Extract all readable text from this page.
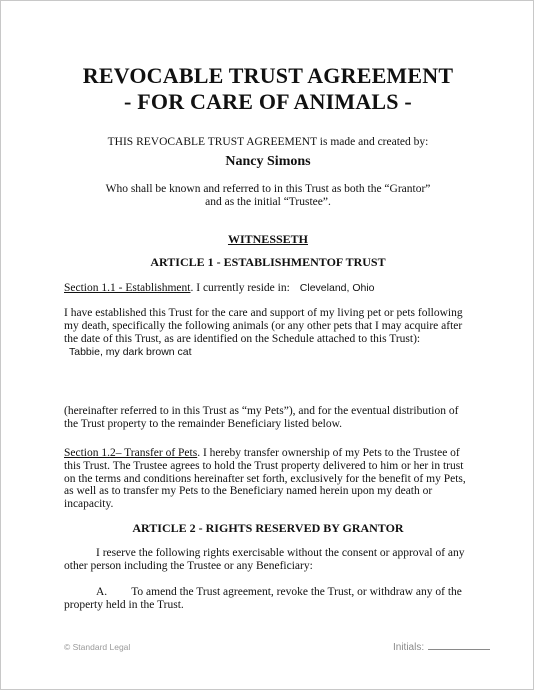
REVOCABLE TRUST AGREEMENT
- FOR CARE OF ANIMALS -
THIS REVOCABLE TRUST AGREEMENT is made and created by:
Nancy Simons
Who shall be known and referred to in this Trust as both the “Grantor”
and as the initial “Trustee”.
WITNESSETH
ARTICLE 1 - ESTABLISHMENTOF TRUST
Section 1.1 - Establishment. I currently reside in: Cleveland, Ohio
I have established this Trust for the care and support of my living pet or pets following my death, specifically the following animals (or any other pets that I may acquire after the date of this Trust, as are identified on the Schedule attached to this Trust):
Tabbie, my dark brown cat
(hereinafter referred to in this Trust as “my Pets”), and for the eventual distribution of the Trust property to the remainder Beneficiary listed below.
Section 1.2– Transfer of Pets. I hereby transfer ownership of my Pets to the Trustee of this Trust. The Trustee agrees to hold the Trust property delivered to him or her in trust on the terms and conditions hereinafter set forth, exclusively for the benefit of my Pets, as well as to transfer my Pets to the Beneficiary named herein upon my death or incapacity.
ARTICLE 2 - RIGHTS RESERVED BY GRANTOR
I reserve the following rights exercisable without the consent or approval of any other person including the Trustee or any Beneficiary:
A. To amend the Trust agreement, revoke the Trust, or withdraw any of the property held in the Trust.
© Standard Legal	Initials:
